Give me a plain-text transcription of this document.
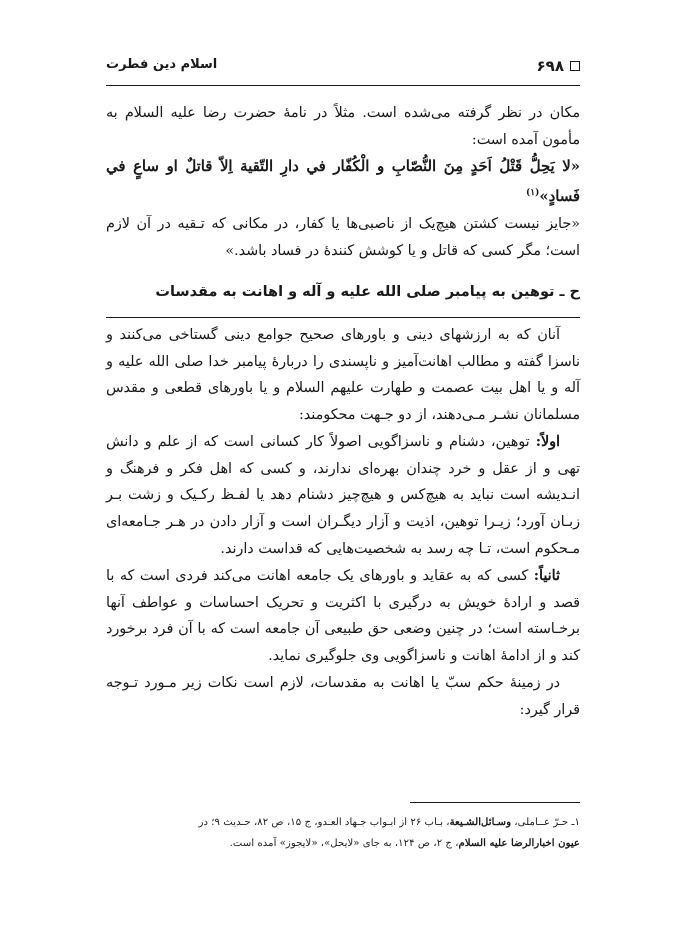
۶۹۸
اسلام دین فطرت

مکان در نظر گرفته می‌شده است. مثلاً در نامهٔ حضرت رضا علیه السلام به مأمون آمده است:

«لا يَحِلُّ قَتْلُ اَحَدٍ مِنَ النُّصّابِ و الْكُفّار في دارِ التّقية اِلاّ قاتلٌ او ساعٍ في فَسادٍ»$^{(۱)}$

«جایز نیست کشتن هیچ‌یک از ناصبی‌ها یا کفار، در مکانی که تـقیه در آن لازم است؛ مگر کسی که قاتل و یا کوشش کنندهٔ در فساد باشد.»

ح ـ توهین به پیامبر صلی الله علیه و آله و اهانت به مقدسات

آنان که به ارزشهای دینی و باورهای صحیح جوامع دینی گستاخی می‌کنند و ناسزا گفته و مطالب اهانت‌آمیز و ناپسندی را دربارهٔ پیامبر خدا صلی الله علیه و آله و یا اهل بیت عصمت و طهارت علیهم السلام و یا باورهای قطعی و مقدس مسلمانان نشـر مـی‌دهند، از دو جـهت محکومند:

اولاً: توهین، دشنام و ناسزاگویی اصولاً کار کسانی است که از علم و دانش تهی و از عقل و خرد چندان بهره‌ای ندارند، و کسی که اهل فکر و فرهنگ و انـدیشه است نباید به هیچ‌کس و هیچ‌چیز دشنام دهد یا لفـظ رکـیک و زشت بـر زبـان آورد؛ زیـرا توهین، اذیت و آزار دیگـران است و آزار دادن در هـر جـامعه‌ای مـحکوم است، تـا چه رسد به شخصیت‌هایی که قداست دارند.

ثانیاً: کسی که به عقاید و باورهای یک جامعه اهانت می‌کند فردی است که با قصد و ارادهٔ خویش به درگیری با اکثریت و تحریک احساسات و عواطف آنها برخـاسته است؛ در چنین وضعی حق طبیعی آن جامعه است که با آن فرد برخورد کند و از ادامهٔ اهانت و ناسزاگویی وی جلوگیری نماید.

در زمینهٔ حکم سبّ یا اهانت به مقدسات، لازم است نکات زیر مـورد تـوجه قرار گیرد:

۱ـ حـرّ عــاملی، وسـائل‌الشـیعة، بـاب ۲۶ از ابـواب جـهاد العـدو، ج ۱۵، ص ۸۲، حـدیث ۹؛ در

عیون اخبارالرضا علیه السلام، ج ۲، ص ۱۲۴، به جای «لایحل»، «لایجوز» آمده است.
